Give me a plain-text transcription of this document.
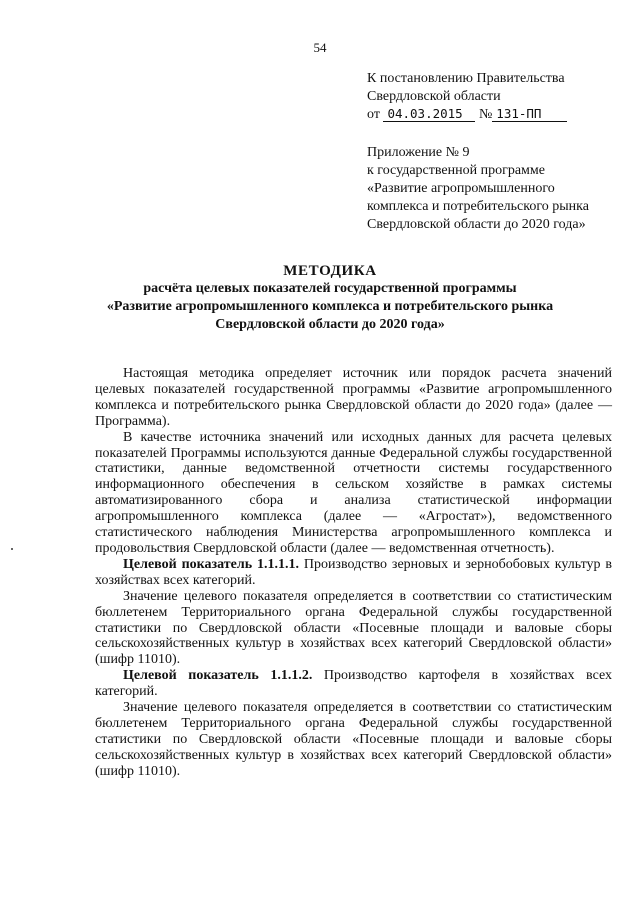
54
К постановлению Правительства
Свердловской области
от 04.03.2015 № 131-ПП
Приложение № 9
к государственной программе
«Развитие агропромышленного
комплекса и потребительского рынка
Свердловской области до 2020 года»
МЕТОДИКА
расчёта целевых показателей государственной программы
«Развитие агропромышленного комплекса и потребительского рынка
Свердловской области до 2020 года»

Настоящая методика определяет источник или порядок расчета значений целевых показателей государственной программы «Развитие агропромышленного комплекса и потребительского рынка Свердловской области до 2020 года» (далее — Программа).

В качестве источника значений или исходных данных для расчета целевых показателей Программы используются данные Федеральной службы государственной статистики, данные ведомственной отчетности системы государственного информационного обеспечения в сельском хозяйстве в рамках системы автоматизированного сбора и анализа статистической информации агропромышленного комплекса (далее — «Агростат»), ведомственного статистического наблюдения Министерства агропромышленного комплекса и продовольствия Свердловской области (далее — ведомственная отчетность).

Целевой показатель 1.1.1.1. Производство зерновых и зернобобовых культур в хозяйствах всех категорий.

Значение целевого показателя определяется в соответствии со статистическим бюллетенем Территориального органа Федеральной службы государственной статистики по Свердловской области «Посевные площади и валовые сборы сельскохозяйственных культур в хозяйствах всех категорий Свердловской области» (шифр 11010).

Целевой показатель 1.1.1.2. Производство картофеля в хозяйствах всех категорий.

Значение целевого показателя определяется в соответствии со статистическим бюллетенем Территориального органа Федеральной службы государственной статистики по Свердловской области «Посевные площади и валовые сборы сельскохозяйственных культур в хозяйствах всех категорий Свердловской области» (шифр 11010).
